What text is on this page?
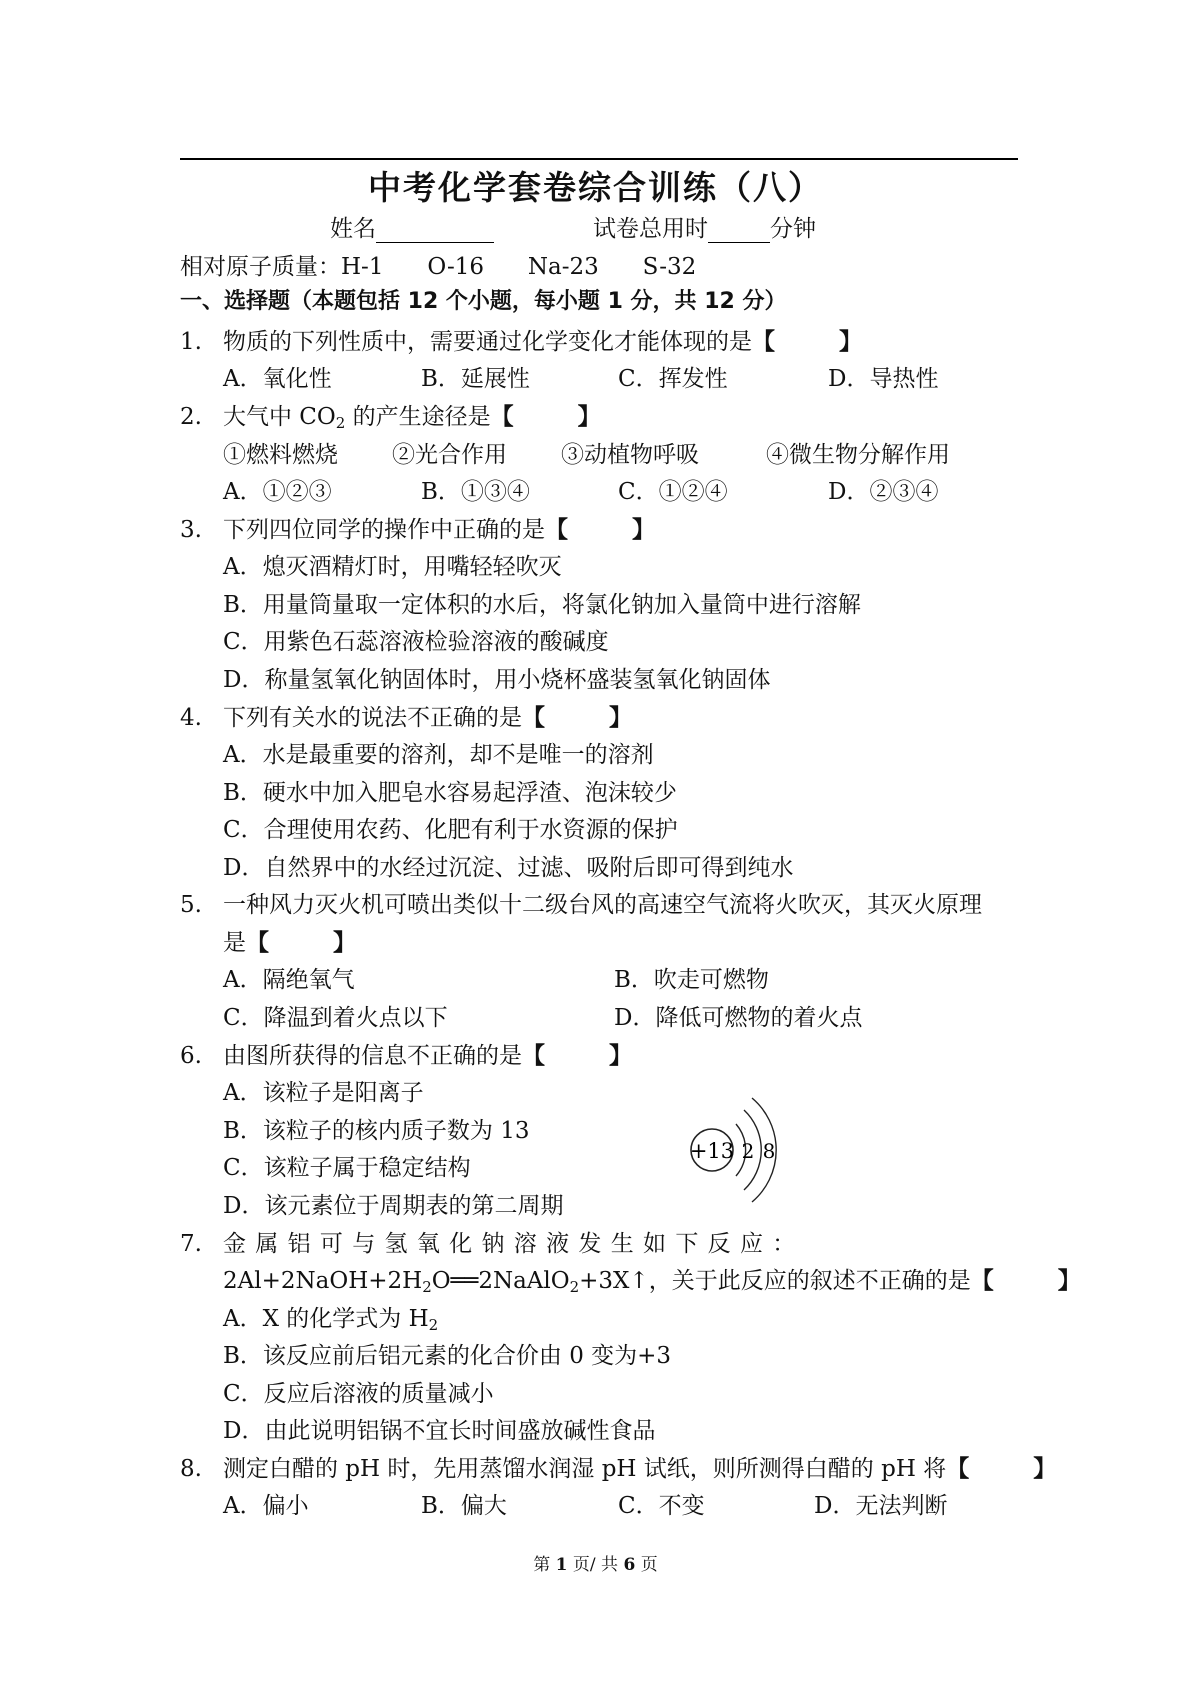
中考化学套卷综合训练（八）
姓名	试卷总用时	分钟
相对原子质量：H-1      O-16      Na-23      S-32
一、选择题（本题包括 12 个小题，每小题 1 分，共 12 分）
1. 物质的下列性质中，需要通过化学变化才能体现的是【        】
A．氧化性	B．延展性	C．挥发性	D．导热性
2. 大气中 $CO_2$ 的产生途径是【        】
①燃料燃烧 ②光合作用 ③动植物呼吸	④微生物分解作用
A．①②③	B．①③④	C．①②④	D．②③④
3. 下列四位同学的操作中正确的是【        】
A．熄灭酒精灯时，用嘴轻轻吹灭
B．用量筒量取一定体积的水后，将氯化钠加入量筒中进行溶解
C．用紫色石蕊溶液检验溶液的酸碱度
D．称量氢氧化钠固体时，用小烧杯盛装氢氧化钠固体
4. 下列有关水的说法不正确的是【        】
A．水是最重要的溶剂，却不是唯一的溶剂
B．硬水中加入肥皂水容易起浮渣、泡沫较少
C．合理使用农药、化肥有利于水资源的保护
D．自然界中的水经过沉淀、过滤、吸附后即可得到纯水
5. 一种风力灭火机可喷出类似十二级台风的高速空气流将火吹灭，其灭火原理
是【        】
A．隔绝氧气	B．吹走可燃物
C．降温到着火点以下	D．降低可燃物的着火点
6. 由图所获得的信息不正确的是【        】
A．该粒子是阳离子
B．该粒子的核内质子数为 13
C．该粒子属于稳定结构
D．该元素位于周期表的第二周期
+13 2 8
7. 金 属 铝 可 与 氢 氧 化 钠 溶 液 发 生 如 下 反 应 ：
$2Al+2NaOH+2H_2O══2NaAlO_2+3X↑$，关于此反应的叙述不正确的是【        】
A．X 的化学式为 $H_2$
B．该反应前后铝元素的化合价由 0 变为+3
C．反应后溶液的质量减小
D．由此说明铝锅不宜长时间盛放碱性食品
8. 测定白醋的 pH 时，先用蒸馏水润湿 pH 试纸，则所测得白醋的 pH 将【        】
A．偏小	B．偏大	C．不变	D．无法判断
第 1 页/ 共 6 页
